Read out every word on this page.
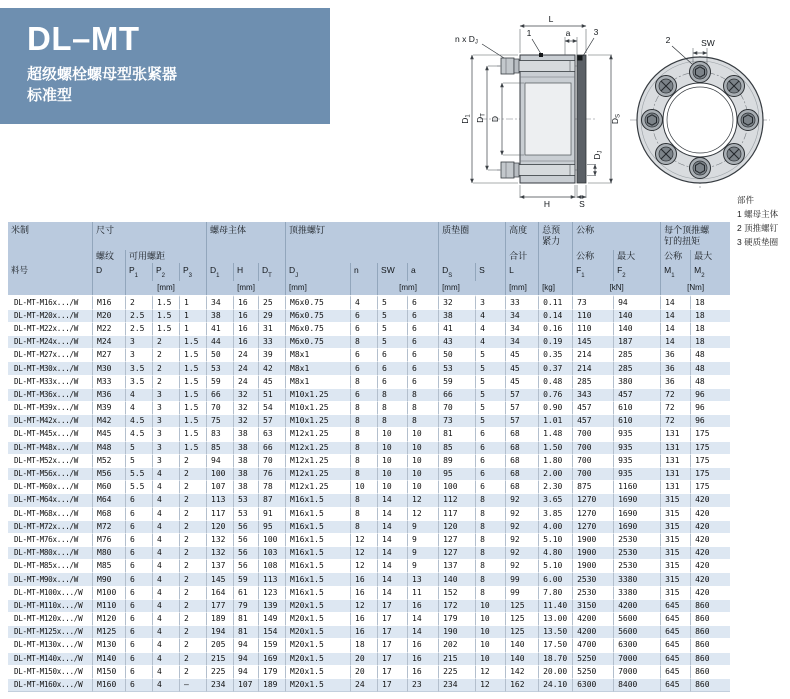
DL–MT
超级螺栓螺母型张紧器
标准型
L
a
1	3
n x DJ
D1
DT
D	DS
DJ
H	S
SW
2
部件
1 螺母主体
2 顶推螺钉
3 硬质垫圈
米制	尺寸	螺母主体	顶推螺钉	质垫圈	高度	总预
紧力
	公称	每个顶推螺
钉的扭矩

	螺纹	可用螺距												合计		公称	最大	公称	最大
料号	D	$P_1$	$P_2$	$P_3$	$D_1$	H	$D_T$	$D_J$	n	SW	a	$D_S$	S	L		$F_1$	$F_2$	$M_1$	$M_2$
		[mm]			[mm]			[mm]		[mm]		[mm]		[mm]	[kg]	[kN]		[Nm]	
DL-MT-M16x.../W	M16	2	1.5	1	34	16	25	M6x0.75	4	5	6	32	3	33	0.11	73	94	14	18
DL-MT-M20x.../W	M20	2.5	1.5	1	38	16	29	M6x0.75	6	5	6	38	4	34	0.14	110	140	14	18
DL-MT-M22x.../W	M22	2.5	1.5	1	41	16	31	M6x0.75	6	5	6	41	4	34	0.16	110	140	14	18
DL-MT-M24x.../W	M24	3	2	1.5	44	16	33	M6x0.75	8	5	6	43	4	34	0.19	145	187	14	18
DL-MT-M27x.../W	M27	3	2	1.5	50	24	39	M8x1	6	6	6	50	5	45	0.35	214	285	36	48
DL-MT-M30x.../W	M30	3.5	2	1.5	53	24	42	M8x1	6	6	6	53	5	45	0.37	214	285	36	48
DL-MT-M33x.../W	M33	3.5	2	1.5	59	24	45	M8x1	8	6	6	59	5	45	0.48	285	380	36	48
DL-MT-M36x.../W	M36	4	3	1.5	66	32	51	M10x1.25	6	8	8	66	5	57	0.76	343	457	72	96
DL-MT-M39x.../W	M39	4	3	1.5	70	32	54	M10x1.25	8	8	8	70	5	57	0.90	457	610	72	96
DL-MT-M42x.../W	M42	4.5	3	1.5	75	32	57	M10x1.25	8	8	8	73	5	57	1.01	457	610	72	96
DL-MT-M45x.../W	M45	4.5	3	1.5	83	38	63	M12x1.25	8	10	10	81	6	68	1.48	700	935	131	175
DL-MT-M48x.../W	M48	5	3	1.5	85	38	66	M12x1.25	8	10	10	85	6	68	1.50	700	935	131	175
DL-MT-M52x.../W	M52	5	3	2	94	38	70	M12x1.25	8	10	10	89	6	68	1.80	700	935	131	175
DL-MT-M56x.../W	M56	5.5	4	2	100	38	76	M12x1.25	8	10	10	95	6	68	2.00	700	935	131	175
DL-MT-M60x.../W	M60	5.5	4	2	107	38	78	M12x1.25	10	10	10	100	6	68	2.30	875	1160	131	175
DL-MT-M64x.../W	M64	6	4	2	113	53	87	M16x1.5	8	14	12	112	8	92	3.65	1270	1690	315	420
DL-MT-M68x.../W	M68	6	4	2	117	53	91	M16x1.5	8	14	12	117	8	92	3.85	1270	1690	315	420
DL-MT-M72x.../W	M72	6	4	2	120	56	95	M16x1.5	8	14	9	120	8	92	4.00	1270	1690	315	420
DL-MT-M76x.../W	M76	6	4	2	132	56	100	M16x1.5	12	14	9	127	8	92	5.10	1900	2530	315	420
DL-MT-M80x.../W	M80	6	4	2	132	56	103	M16x1.5	12	14	9	127	8	92	4.80	1900	2530	315	420
DL-MT-M85x.../W	M85	6	4	2	137	56	108	M16x1.5	12	14	9	137	8	92	5.10	1900	2530	315	420
DL-MT-M90x.../W	M90	6	4	2	145	59	113	M16x1.5	16	14	13	140	8	99	6.00	2530	3380	315	420
DL-MT-M100x.../W	M100	6	4	2	164	61	123	M16x1.5	16	14	11	152	8	99	7.80	2530	3380	315	420
DL-MT-M110x.../W	M110	6	4	2	177	79	139	M20x1.5	12	17	16	172	10	125	11.40	3150	4200	645	860
DL-MT-M120x.../W	M120	6	4	2	189	81	149	M20x1.5	16	17	14	179	10	125	13.00	4200	5600	645	860
DL-MT-M125x.../W	M125	6	4	2	194	81	154	M20x1.5	16	17	14	190	10	125	13.50	4200	5600	645	860
DL-MT-M130x.../W	M130	6	4	2	205	94	159	M20x1.5	18	17	16	202	10	140	17.50	4700	6300	645	860
DL-MT-M140x.../W	M140	6	4	2	215	94	169	M20x1.5	20	17	16	215	10	140	18.70	5250	7000	645	860
DL-MT-M150x.../W	M150	6	4	2	225	94	179	M20x1.5	20	17	16	225	12	142	20.00	5250	7000	645	860
DL-MT-M160x.../W	M160	6	4	–	234	107	189	M20x1.5	24	17	23	234	12	162	24.10	6300	8400	645	860
